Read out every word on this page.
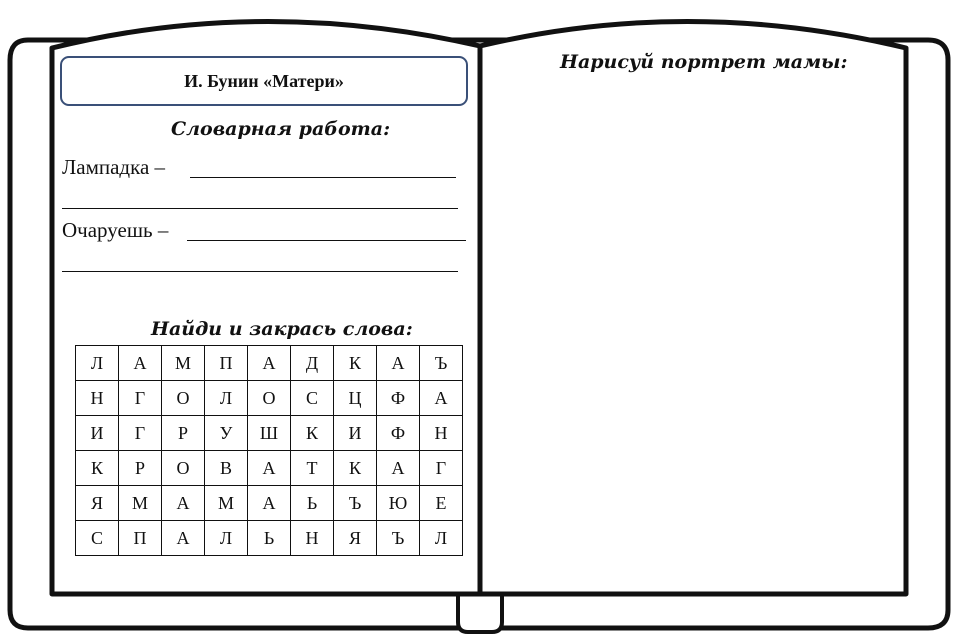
И. Бунин «Матери»
Словарная работа:
Лампадка –
Очаруешь –
Найди и закрась слова:
Л	А	М	П	А	Д	К	А	Ъ
Н	Г	О	Л	О	С	Ц	Ф	А
И	Г	Р	У	Ш	К	И	Ф	Н
К	Р	О	В	А	Т	К	А	Г
Я	М	А	М	А	Ь	Ъ	Ю	Е
С	П	А	Л	Ь	Н	Я	Ъ	Л
Нарисуй портрет мамы:
